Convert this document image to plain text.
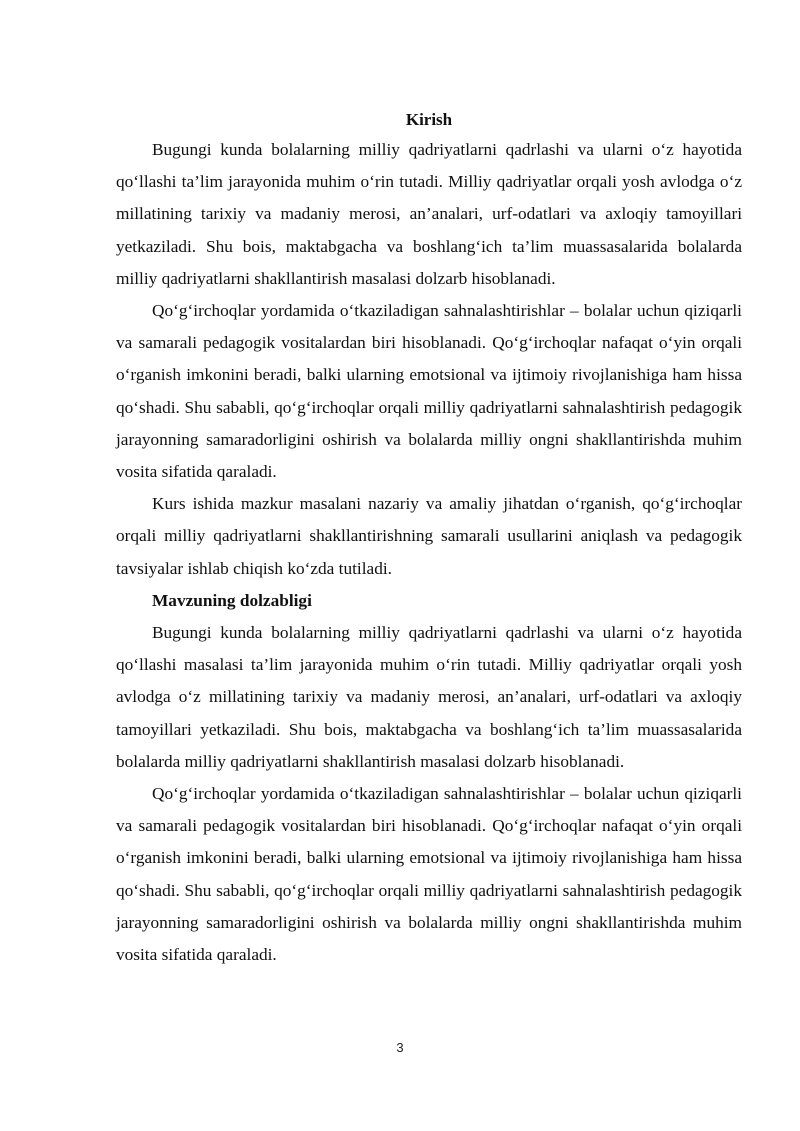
Kirish

Bugungi kunda bolalarning milliy qadriyatlarni qadrlashi va ularni o‘z hayotida qo‘llashi ta’lim jarayonida muhim o‘rin tutadi. Milliy qadriyatlar orqali yosh avlodga o‘z millatining tarixiy va madaniy merosi, an’analari, urf-odatlari va axloqiy tamoyillari yetkaziladi. Shu bois, maktabgacha va boshlang‘ich ta’lim muassasalarida bolalarda milliy qadriyatlarni shakllantirish masalasi dolzarb hisoblanadi.

Qo‘g‘irchoqlar yordamida o‘tkaziladigan sahnalashtirishlar – bolalar uchun qiziqarli va samarali pedagogik vositalardan biri hisoblanadi. Qo‘g‘irchoqlar nafaqat o‘yin orqali o‘rganish imkonini beradi, balki ularning emotsional va ijtimoiy rivojlanishiga ham hissa qo‘shadi. Shu sababli, qo‘g‘irchoqlar orqali milliy qadriyatlarni sahnalashtirish pedagogik jarayonning samaradorligini oshirish va bolalarda milliy ongni shakllantirishda muhim vosita sifatida qaraladi.

Kurs ishida mazkur masalani nazariy va amaliy jihatdan o‘rganish, qo‘g‘irchoqlar orqali milliy qadriyatlarni shakllantirishning samarali usullarini aniqlash va pedagogik tavsiyalar ishlab chiqish ko‘zda tutiladi.

Mavzuning dolzabligi

Bugungi kunda bolalarning milliy qadriyatlarni qadrlashi va ularni o‘z hayotida qo‘llashi masalasi ta’lim jarayonida muhim o‘rin tutadi. Milliy qadriyatlar orqali yosh avlodga o‘z millatining tarixiy va madaniy merosi, an’analari, urf-odatlari va axloqiy tamoyillari yetkaziladi. Shu bois, maktabgacha va boshlang‘ich ta’lim muassasalarida bolalarda milliy qadriyatlarni shakllantirish masalasi dolzarb hisoblanadi.

Qo‘g‘irchoqlar yordamida o‘tkaziladigan sahnalashtirishlar – bolalar uchun qiziqarli va samarali pedagogik vositalardan biri hisoblanadi. Qo‘g‘irchoqlar nafaqat o‘yin orqali o‘rganish imkonini beradi, balki ularning emotsional va ijtimoiy rivojlanishiga ham hissa qo‘shadi. Shu sababli, qo‘g‘irchoqlar orqali milliy qadriyatlarni sahnalashtirish pedagogik jarayonning samaradorligini oshirish va bolalarda milliy ongni shakllantirishda muhim vosita sifatida qaraladi.

3
